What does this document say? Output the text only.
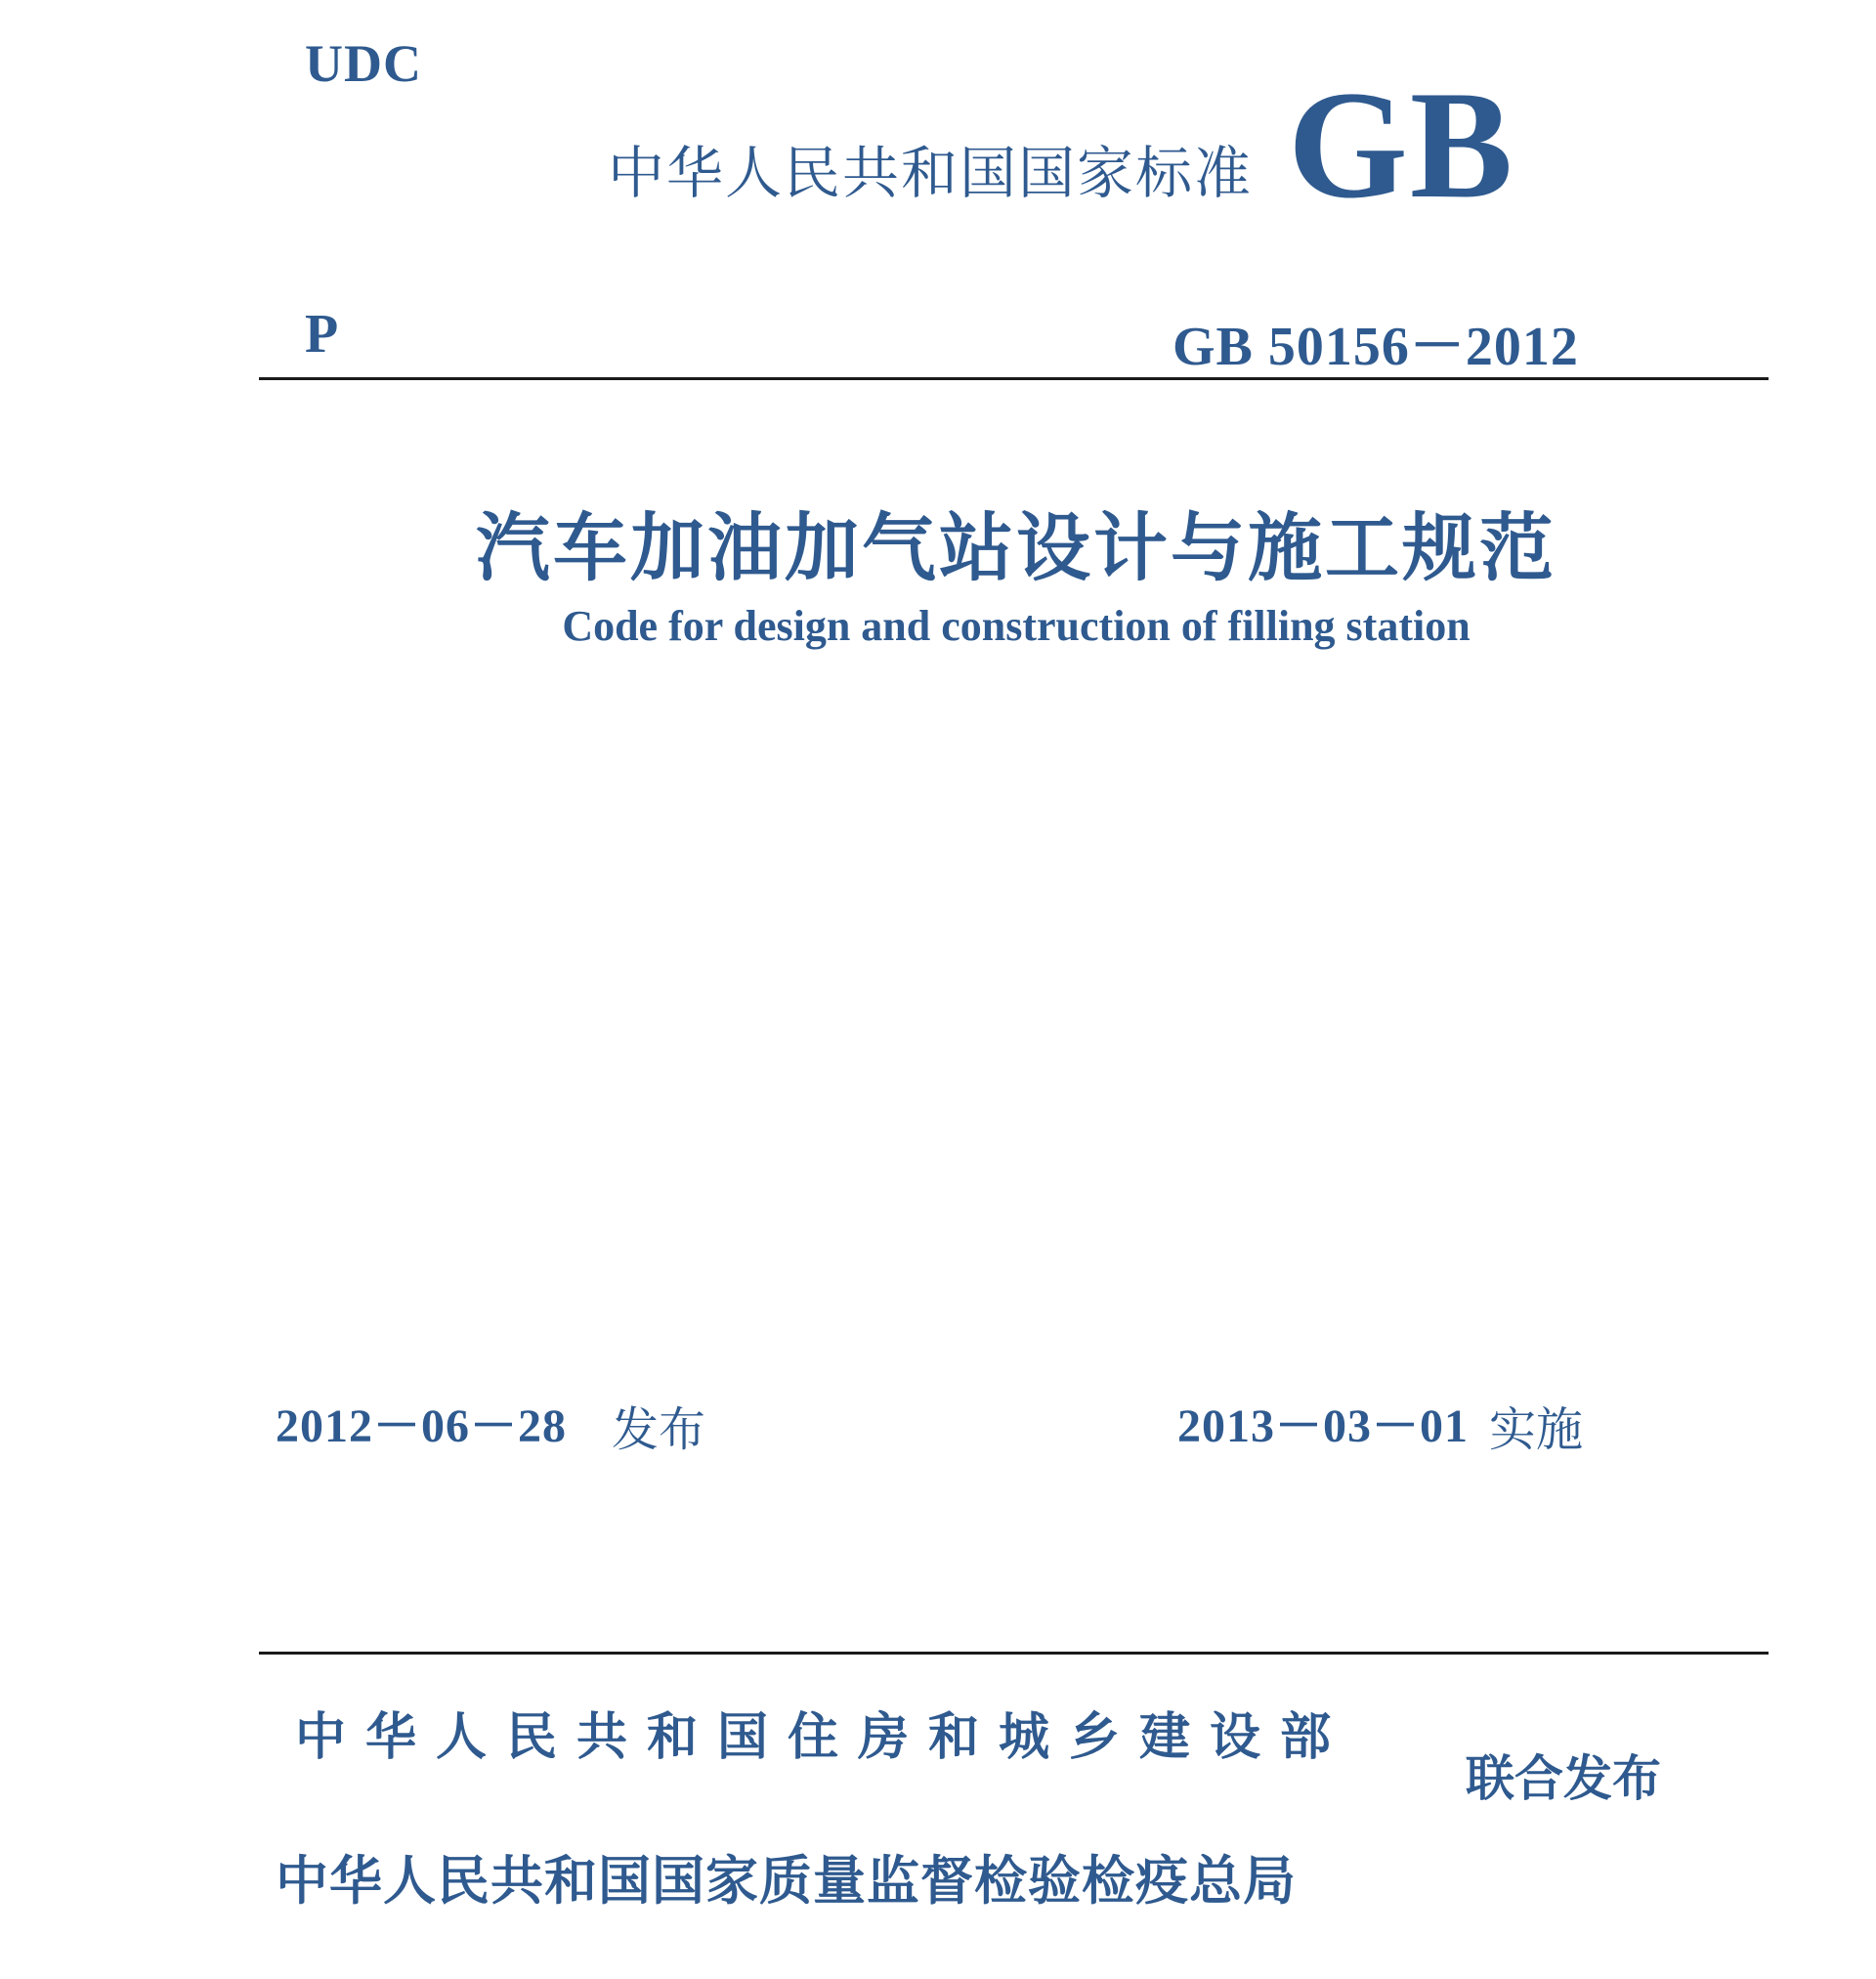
UDC
中华人民共和国国家标准 GB
P	GB 50156－2012
汽车加油加气站设计与施工规范
Code for design and construction of filling station
2012－06－28 发布	2013－03－01 实施
中华人民共和国住房和城乡建设部
联合发布
中华人民共和国国家质量监督检验检疫总局
